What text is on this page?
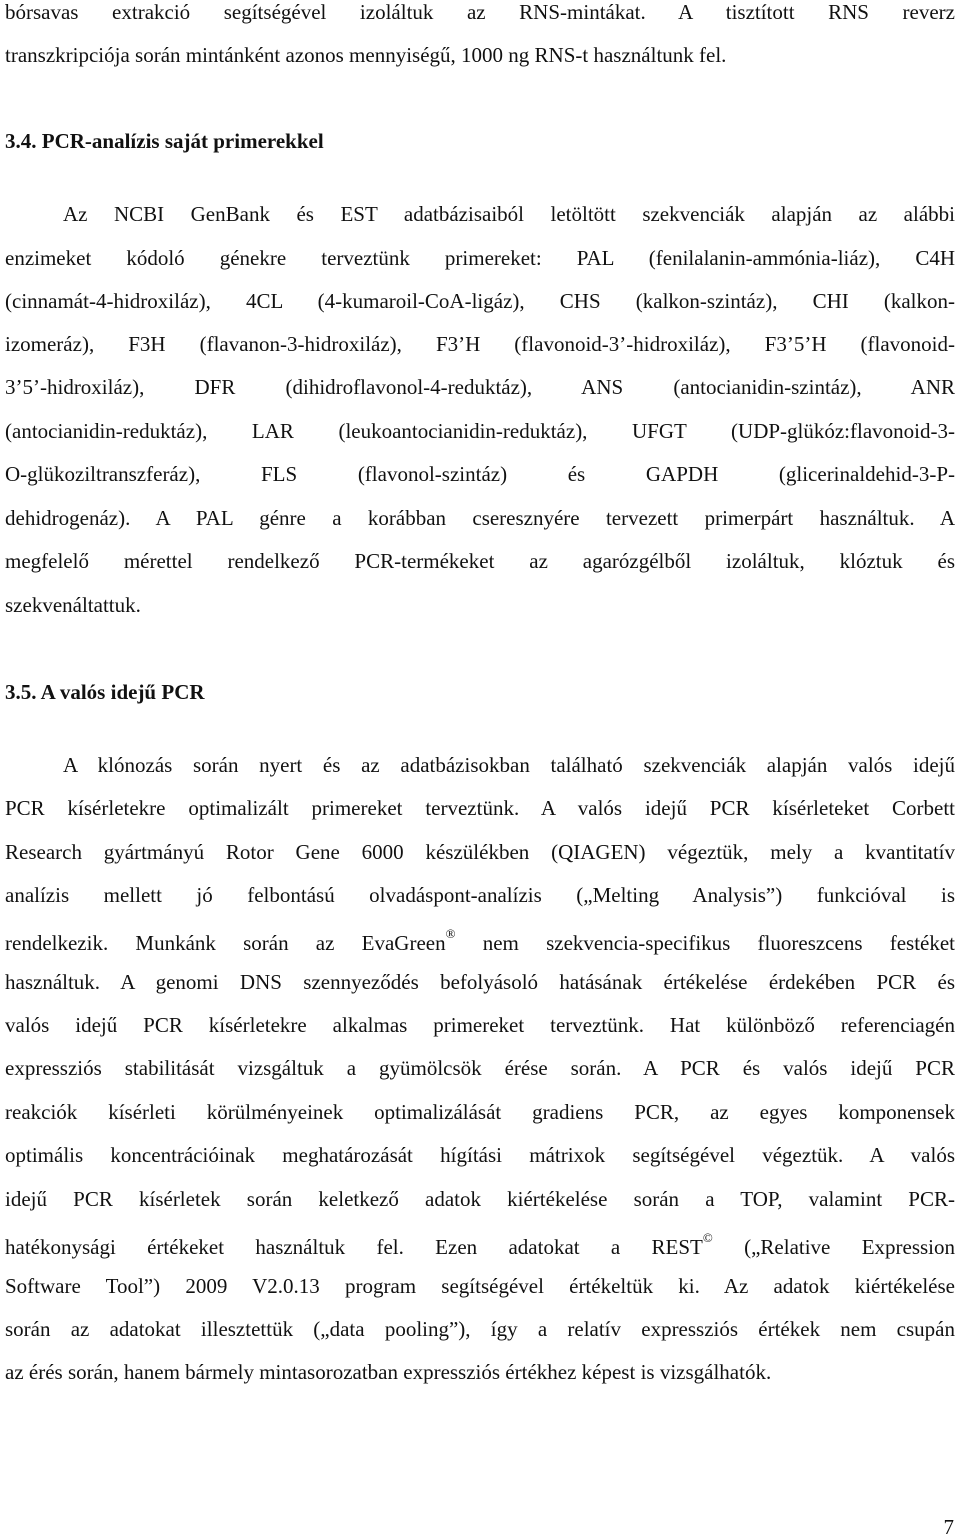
bórsavas extrakció segítségével izoláltuk az RNS-mintákat. A tisztított RNS reverz
transzkripciója során mintánként azonos mennyiségű, 1000 ng RNS-t használtunk fel.
3.4. PCR-analízis saját primerekkel
Az NCBI GenBank és EST adatbázisaiból letöltött szekvenciák alapján az alábbi
enzimeket kódoló génekre terveztünk primereket: PAL (fenilalanin-ammónia-liáz), C4H
(cinnamát-4-hidroxiláz), 4CL (4-kumaroil-CoA-ligáz), CHS (kalkon-szintáz), CHI (kalkon-
izomeráz), F3H (flavanon-3-hidroxiláz), F3’H (flavonoid-3’-hidroxiláz), F3’5’H (flavonoid-
3’5’-hidroxiláz), DFR (dihidroflavonol-4-reduktáz), ANS (antocianidin-szintáz), ANR
(antocianidin-reduktáz), LAR (leukoantocianidin-reduktáz), UFGT (UDP-glükóz:flavonoid-3-
O-glükoziltranszferáz), FLS (flavonol-szintáz) és GAPDH (glicerinaldehid-3-P-
dehidrogenáz). A PAL génre a korábban cseresznyére tervezett primerpárt használtuk. A
megfelelő mérettel rendelkező PCR-termékeket az agarózgélből izoláltuk, klóztuk és
szekvenáltattuk.
3.5. A valós idejű PCR
A klónozás során nyert és az adatbázisokban található szekvenciák alapján valós idejű
PCR kísérletekre optimalizált primereket terveztünk. A valós idejű PCR kísérleteket Corbett
Research gyártmányú Rotor Gene 6000 készülékben (QIAGEN) végeztük, mely a kvantitatív
analízis mellett jó felbontású olvadáspont-analízis („Melting Analysis”) funkcióval is
rendelkezik. Munkánk során az EvaGreen® nem szekvencia-specifikus fluoreszcens festéket
használtuk. A genomi DNS szennyeződés befolyásoló hatásának értékelése érdekében PCR és
valós idejű PCR kísérletekre alkalmas primereket terveztünk. Hat különböző referenciagén
expressziós stabilitását vizsgáltuk a gyümölcsök érése során. A PCR és valós idejű PCR
reakciók kísérleti körülményeinek optimalizálását gradiens PCR, az egyes komponensek
optimális koncentrációinak meghatározását hígítási mátrixok segítségével végeztük. A valós
idejű PCR kísérletek során keletkező adatok kiértékelése során a TOP, valamint PCR-
hatékonysági értékeket használtuk fel. Ezen adatokat a REST© („Relative Expression
Software Tool”) 2009 V2.0.13 program segítségével értékeltük ki. Az adatok kiértékelése
során az adatokat illesztettük („data pooling”), így a relatív expressziós értékek nem csupán
az érés során, hanem bármely mintasorozatban expressziós értékhez képest is vizsgálhatók.
7
